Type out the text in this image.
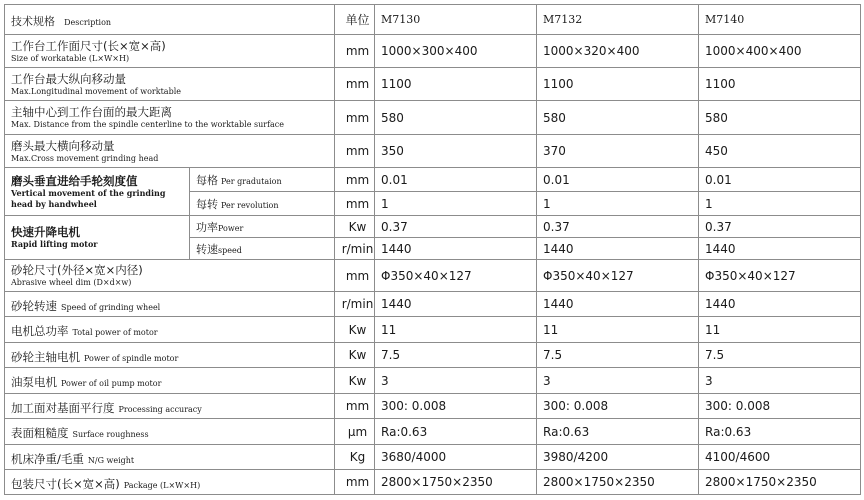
技术规格 Description		单位	M7130	M7132	M7140

工作台工作面尺寸(长×宽×高)
Size of workatable (L×W×H)		mm	1000×300×400	1000×320×400	1000×400×400

工作台最大纵向移动量
Max.Longitudinal movement of worktable		mm	1100	1100	1100

主轴中心到工作台面的最大距离
Max. Distance from the spindle centerline to the worktable surface		mm	580	580	580

磨头最大横向移动量
Max.Cross movement grinding head		mm	350	370	450

磨头垂直进给手轮刻度值
Vertical movement of the grinding head by handwheel	每格 Per gradutaion	mm	0.01	0.01	0.01
	每转 Per revolution	mm	1	1	1

快速升降电机
Rapid lifting motor	功率Power	Kw	0.37	0.37	0.37
	转速speed	r/min	1440	1440	1440

砂轮尺寸(外径×宽×内径)
Abrasive wheel dim (D×d×w)		mm	Φ350×40×127	Φ350×40×127	Φ350×40×127
砂轮转速 Speed of grinding wheel		r/min	1440	1440	1440
电机总功率 Total power of motor		Kw	11	11	11
砂轮主轴电机 Power of spindle motor		Kw	7.5	7.5	7.5
油泵电机 Power of oil pump motor		Kw	3	3	3
加工面对基面平行度 Processing accuracy		mm	300: 0.008	300: 0.008	300: 0.008
表面粗糙度 Surface roughness		μm	Ra:0.63	Ra:0.63	Ra:0.63
机床净重/毛重 N/G weight		Kg	3680/4000	3980/4200	4100/4600
包装尺寸(长×宽×高) Package (L×W×H)		mm	2800×1750×2350	2800×1750×2350	2800×1750×2350
